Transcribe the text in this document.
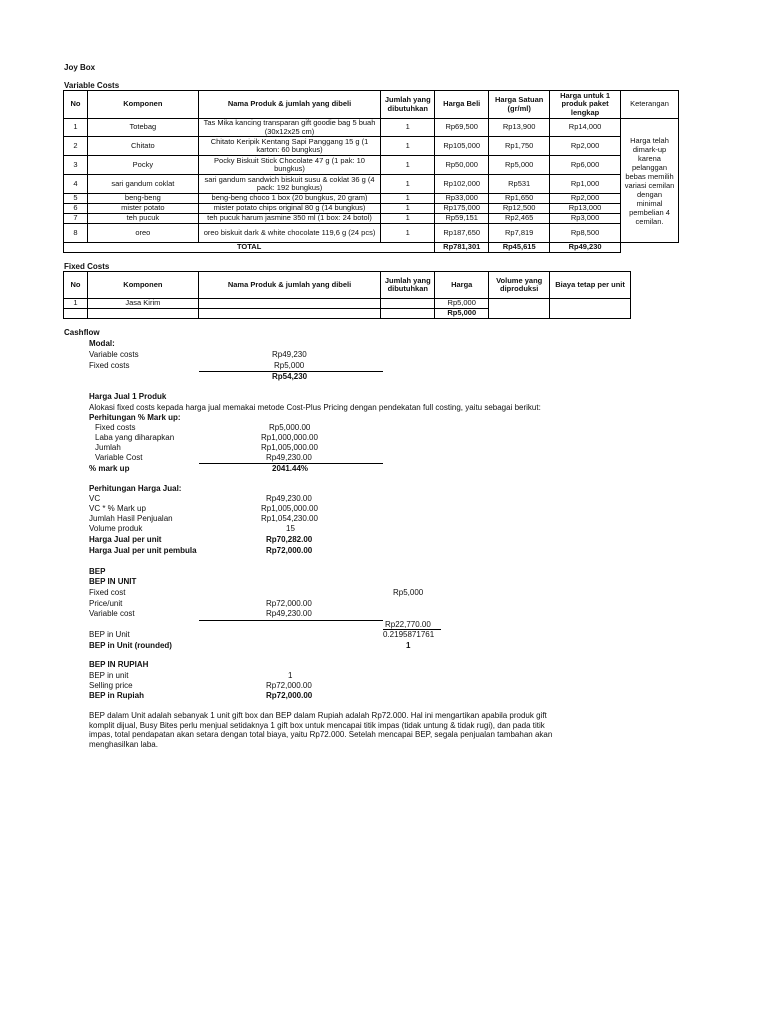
Joy Box
Variable Costs
No	Komponen	Nama Produk & jumlah yang dibeli	Jumlah yang dibutuhkan	Harga Beli	Harga Satuan (gr/ml)	Harga untuk 1 produk paket lengkap	Keterangan
1	Totebag	Tas Mika kancing transparan gift goodie bag 5 buah (30x12x25 cm)	1	Rp69,500	Rp13,900	Rp14,000	Harga telah dimark-up karena pelanggan bebas memilih variasi cemilan dengan minimal pembelian 4 cemilan.
2	Chitato	Chitato Keripik Kentang Sapi Panggang 15 g (1 karton: 60 bungkus)	1	Rp105,000	Rp1,750	Rp2,000	
3	Pocky	Pocky Biskuit Stick Chocolate 47 g (1 pak: 10 bungkus)	1	Rp50,000	Rp5,000	Rp6,000	
4	sari gandum coklat	sari gandum sandwich biskuit susu & coklat 36 g (4 pack: 192 bungkus)	1	Rp102,000	Rp531	Rp1,000	
5	beng-beng	beng-beng choco 1 box (20 bungkus, 20 gram)	1	Rp33,000	Rp1,650	Rp2,000	
6	mister potato	mister potato chips original 80 g (14 bungkus)	1	Rp175,000	Rp12,500	Rp13,000	
7	teh pucuk	teh pucuk harum jasmine 350 ml (1 box: 24 botol)	1	Rp59,151	Rp2,465	Rp3,000	
8	oreo	oreo biskuit dark & white chocolate 119,6 g (24 pcs)	1	Rp187,650	Rp7,819	Rp8,500	
TOTAL				Rp781,301	Rp45,615	Rp49,230	
Fixed Costs
No	Komponen	Nama Produk & jumlah yang dibeli	Jumlah yang dibutuhkan	Harga	Volume yang diproduksi	Biaya tetap per unit
1	Jasa Kirim			Rp5,000		
				Rp5,000		
Cashflow
Modal:
Variable costs	Rp49,230
Fixed costs	Rp5,000
Rp54,230
Harga Jual 1 Produk
Alokasi fixed costs kepada harga jual memakai metode Cost-Plus Pricing dengan pendekatan full costing, yaitu sebagai berikut:
Perhitungan % Mark up:
Fixed costs	Rp5,000.00
Laba yang diharapkan	Rp1,000,000.00
Jumlah	Rp1,005,000.00
Variable Cost	Rp49,230.00
% mark up	2041.44%
Perhitungan Harga Jual:
VC	Rp49,230.00
VC * % Mark up	Rp1,005,000.00
Jumlah Hasil Penjualan	Rp1,054,230.00
Volume produk	15
Harga Jual per unit	Rp70,282.00
Harga Jual per unit pembula	Rp72,000.00
BEP
BEP IN UNIT
Fixed cost	Rp5,000
Price/unit	Rp72,000.00
Variable cost	Rp49,230.00
Rp22,770.00
BEP in Unit	0.2195871761
BEP in Unit (rounded)	1
BEP IN RUPIAH
BEP in unit	1
Selling price	Rp72,000.00
BEP in Rupiah	Rp72,000.00
BEP dalam Unit adalah sebanyak 1 unit gift box dan BEP dalam Rupiah adalah Rp72.000. Hal ini mengartikan apabila produk gift komplit dijual, Busy Bites perlu menjual setidaknya 1 gift box untuk mencapai titik impas (tidak untung & tidak rugi), dan pada titik impas, total pendapatan akan setara dengan total biaya, yaitu Rp72.000. Setelah mencapai BEP, segala penjualan tambahan akan menghasilkan laba.
